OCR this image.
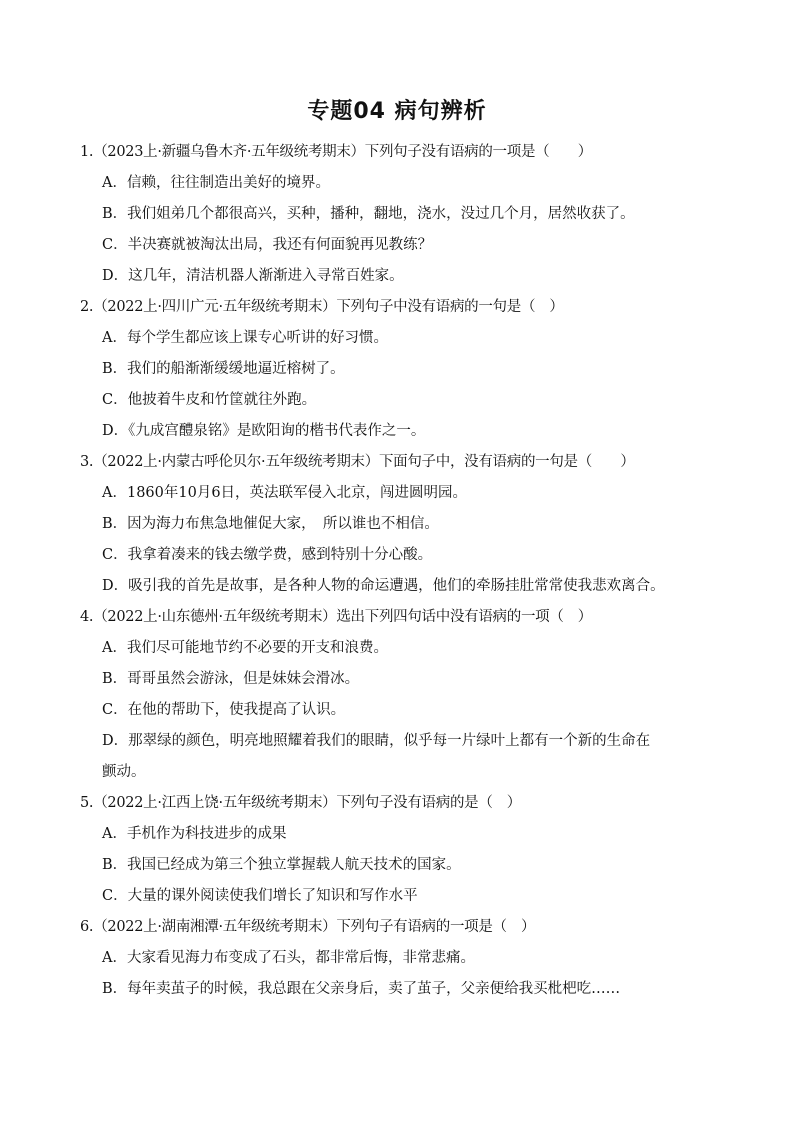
专题04 病句辨析
1.（2023上·新疆乌鲁木齐·五年级统考期末）下列句子没有语病的一项是（　　）
A．信赖，往往制造出美好的境界。
B．我们姐弟几个都很高兴，买种，播种，翻地，浇水，没过几个月，居然收获了。
C．半决赛就被淘汰出局，我还有何面貌再见教练？
D．这几年，清洁机器人渐渐进入寻常百姓家。
2.（2022上·四川广元·五年级统考期末）下列句子中没有语病的一句是（　）
A．每个学生都应该上课专心听讲的好习惯。
B．我们的船渐渐缓缓地逼近榕树了。
C．他披着牛皮和竹筐就往外跑。
D．《九成宫醴泉铭》是欧阳询的楷书代表作之一。
3.（2022上·内蒙古呼伦贝尔·五年级统考期末）下面句子中，没有语病的一句是（　　）
A．1860年10月6日，英法联军侵入北京，闯进圆明园。
B．因为海力布焦急地催促大家，　所以谁也不相信。
C．我拿着凑来的钱去缴学费，感到特别十分心酸。
D．吸引我的首先是故事，是各种人物的命运遭遇，他们的牵肠挂肚常常使我悲欢离合。
4.（2022上·山东德州·五年级统考期末）选出下列四句话中没有语病的一项（　）
A．我们尽可能地节约不必要的开支和浪费。
B．哥哥虽然会游泳，但是妹妹会滑冰。
C．在他的帮助下，使我提高了认识。
D．那翠绿的颜色，明亮地照耀着我们的眼睛，似乎每一片绿叶上都有一个新的生命在
颤动。
5.（2022上·江西上饶·五年级统考期末）下列句子没有语病的是（　）
A．手机作为科技进步的成果
B．我国已经成为第三个独立掌握载人航天技术的国家。
C．大量的课外阅读使我们增长了知识和写作水平
6.（2022上·湖南湘潭·五年级统考期末）下列句子有语病的一项是（　）
A．大家看见海力布变成了石头，都非常后悔，非常悲痛。
B．每年卖茧子的时候，我总跟在父亲身后，卖了茧子，父亲便给我买枇杷吃……
